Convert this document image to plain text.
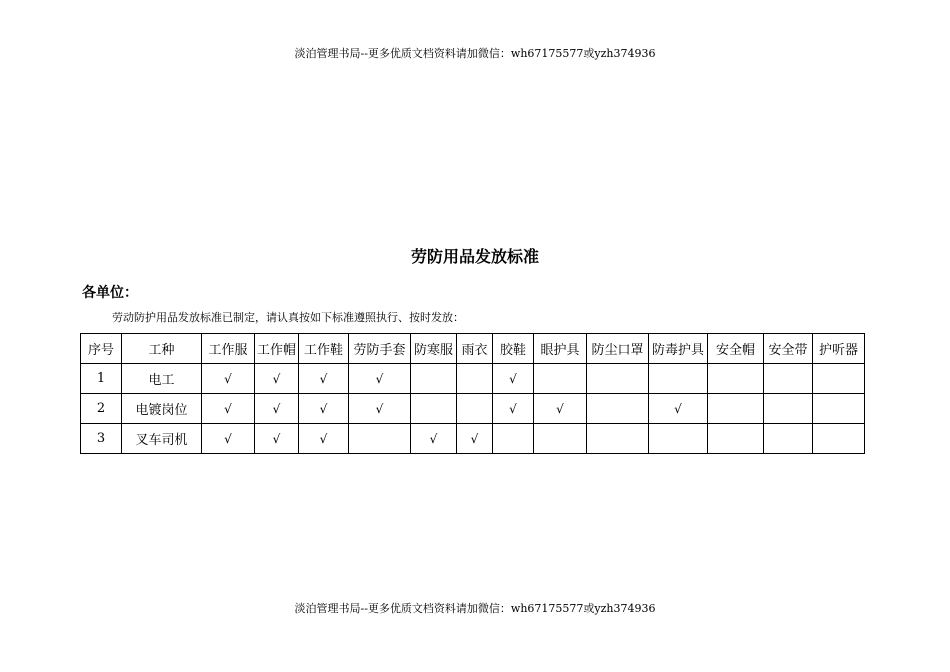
淡泊管理书局--更多优质文档资料请加微信：wh67175577或yzh374936
劳防用品发放标准
各单位：
劳动防护用品发放标准已制定，请认真按如下标准遵照执行、按时发放：
序号	工种	工作服	工作帽	工作鞋	劳防手套	防寒服	雨衣	胶鞋	眼护具	防尘口罩	防毒护具	安全帽	安全带	护听器
1	电工	√	√	√	√			√						
2	电镀岗位	√	√	√	√			√	√		√			
3	叉车司机	√	√	√		√	√							
淡泊管理书局--更多优质文档资料请加微信：wh67175577或yzh374936
